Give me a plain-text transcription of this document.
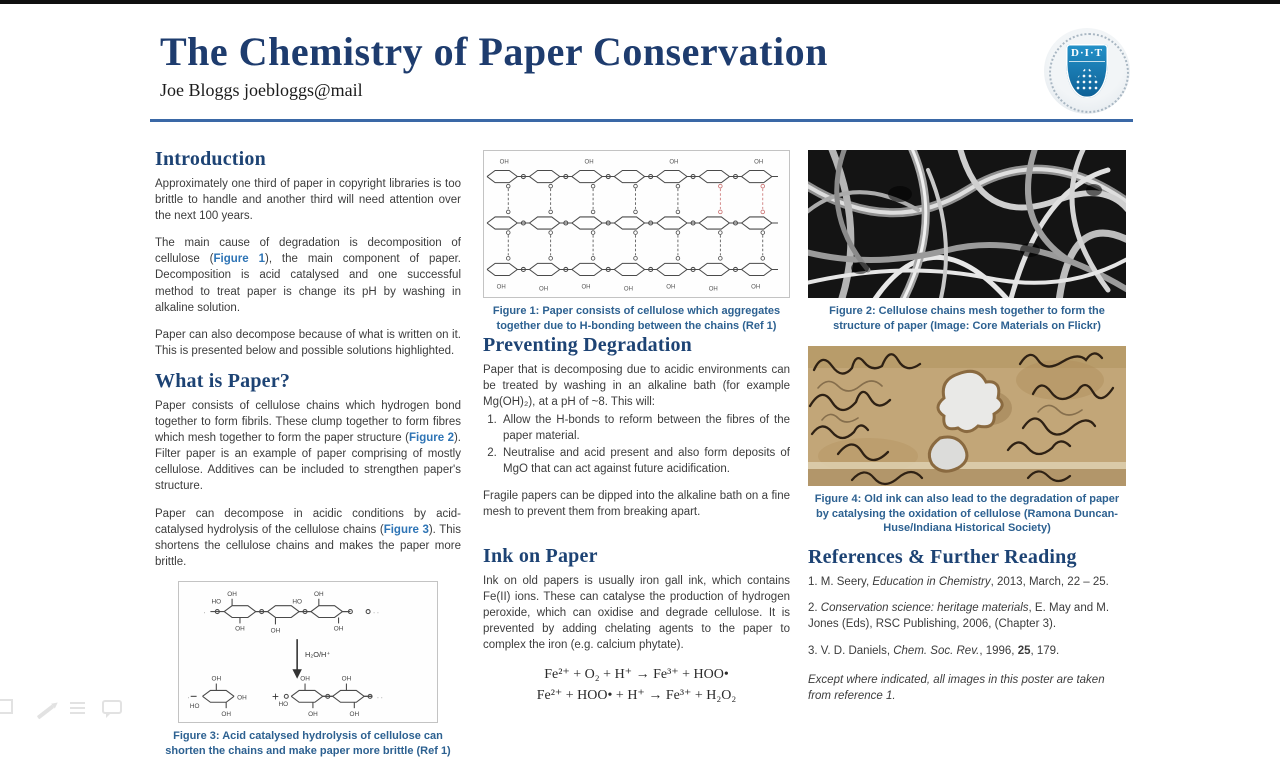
The Chemistry of Paper Conservation
Joe Bloggs joebloggs@mail
D·I·T
Introduction

Approximately one third of paper in copyright libraries is too brittle to handle and another third will need attention over the next 100 years.

The main cause of degradation is decomposition of cellulose (Figure 1), the main component of paper. Decomposition is acid catalysed and one successful method to treat paper is change its pH by washing in alkaline solution.

Paper can also decompose because of what is written on it. This is presented below and possible solutions highlighted.

What is Paper?

Paper consists of cellulose chains which hydrogen bond together to form fibrils. These clump together to form fibres which mesh together to form the paper structure (Figure 2). Filter paper is an example of paper comprising of mostly cellulose. Additives can be included to strengthen paper's structure.

Paper can decompose in acidic conditions by acid-catalysed hydrolysis of the cellulose chains (Figure 3). This shortens the cellulose chains and makes the paper more brittle.

·
OH	OH
OH
HO	HO
OH	OH
· ·
H₂O/H⁺
·
OH
OH
OH
HO
OH	OH
OH	OH
HO
· ·
+
Figure 3: Acid catalysed hydrolysis of cellulose can shorten the chains and make paper more brittle (Ref 1)
OH	OH	OH	OH	OH	OH	OH
OH	OH	OH	OH
Figure 1: Paper consists of cellulose which aggregates together due to H-bonding between the chains (Ref 1)
Preventing Degradation

Paper that is decomposing due to acidic environments can be treated by washing in an alkaline bath (for example Mg(OH)₂), at a pH of ~8. This will:

1. Allow the H-bonds to reform between the fibres of the paper material.
2. Neutralise and acid present and also form deposits of MgO that can act against future acidification.

Fragile papers can be dipped into the alkaline bath on a fine mesh to prevent them from breaking apart.

Ink on Paper

Ink on old papers is usually iron gall ink, which contains Fe(II) ions. These can catalyse the production of hydrogen peroxide, which can oxidise and degrade cellulose. It is prevented by adding chelating agents to the paper to complex the iron (e.g. calcium phytate).

Fe²⁺ + O₂ + H⁺ → Fe³⁺ + HOO•
Fe²⁺ + HOO• + H⁺ → Fe³⁺ + H₂O₂
Figure 2: Cellulose chains mesh together to form the structure of paper (Image: Core Materials on Flickr)
Figure 4: Old ink can also lead to the degradation of paper by catalysing the oxidation of cellulose (Ramona Duncan-Huse/Indiana Historical Society)
References & Further Reading

1. M. Seery, Education in Chemistry, 2013, March, 22 – 25.

2. Conservation science: heritage materials, E. May and M. Jones (Eds), RSC Publishing, 2006, (Chapter 3).

3. V. D. Daniels, Chem. Soc. Rev., 1996, 25, 179.

Except where indicated, all images in this poster are taken from reference 1.
